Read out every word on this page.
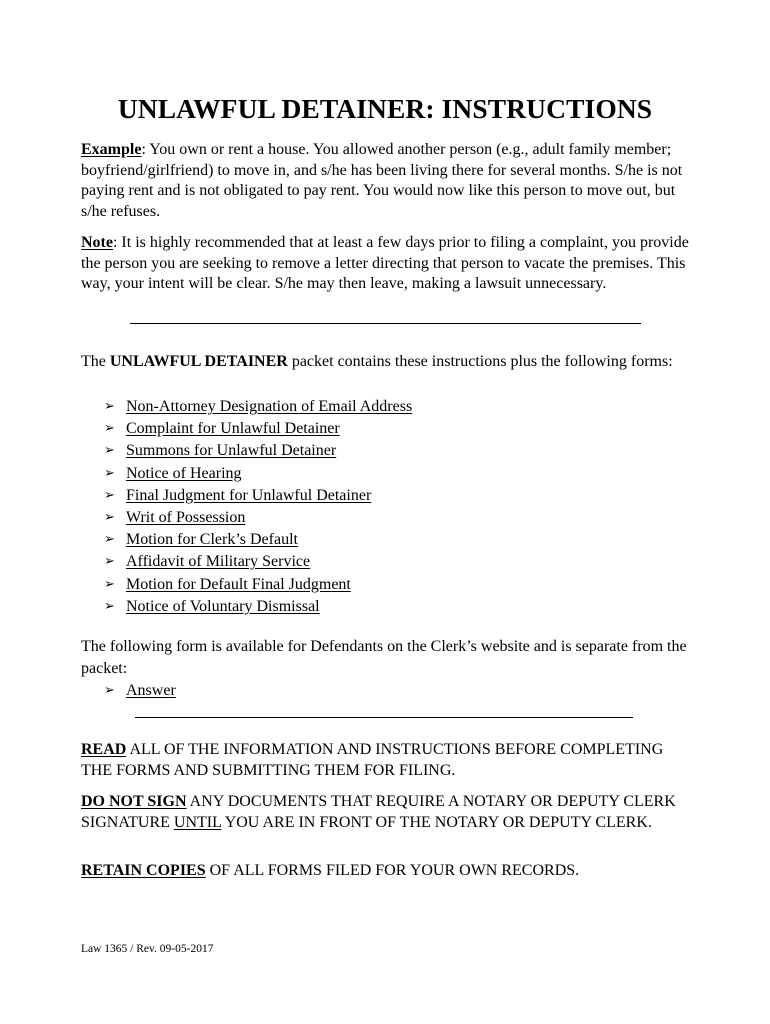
UNLAWFUL DETAINER: INSTRUCTIONS

Example: You own or rent a house. You allowed another person (e.g., adult family member; boyfriend/girlfriend) to move in, and s/he has been living there for several months. S/he is not paying rent and is not obligated to pay rent. You would now like this person to move out, but s/he refuses.

Note: It is highly recommended that at least a few days prior to filing a complaint, you provide the person you are seeking to remove a letter directing that person to vacate the premises. This way, your intent will be clear. S/he may then leave, making a lawsuit unnecessary.

The UNLAWFUL DETAINER packet contains these instructions plus the following forms:

➢ Non-Attorney Designation of Email Address
➢ Complaint for Unlawful Detainer
➢ Summons for Unlawful Detainer
➢ Notice of Hearing
➢ Final Judgment for Unlawful Detainer
➢ Writ of Possession
➢ Motion for Clerk’s Default
➢ Affidavit of Military Service
➢ Motion for Default Final Judgment
➢ Notice of Voluntary Dismissal

The following form is available for Defendants on the Clerk’s website and is separate from the packet:

➢ Answer

READ ALL OF THE INFORMATION AND INSTRUCTIONS BEFORE COMPLETING THE FORMS AND SUBMITTING THEM FOR FILING.

DO NOT SIGN ANY DOCUMENTS THAT REQUIRE A NOTARY OR DEPUTY CLERK SIGNATURE UNTIL YOU ARE IN FRONT OF THE NOTARY OR DEPUTY CLERK.

RETAIN COPIES OF ALL FORMS FILED FOR YOUR OWN RECORDS.

Law 1365 / Rev. 09-05-2017
